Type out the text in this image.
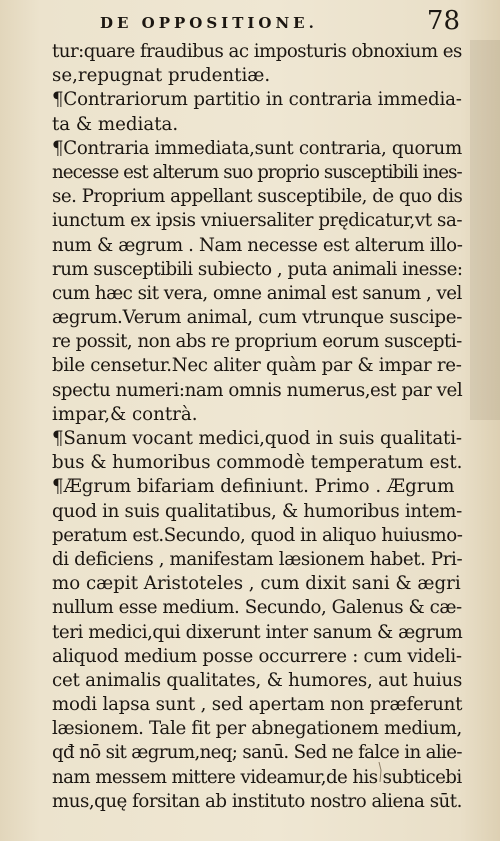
DE OPPOSITIONE.	78
tur:quare fraudibus ac imposturis obnoxium es
se,repugnat prudentiæ.
¶Contrariorum partitio in contraria immedia-
ta & mediata.
¶Contraria immediata,sunt contraria, quorum
necesse est alterum suo proprio susceptibili ines-
se. Proprium appellant susceptibile, de quo dis
iunctum ex ipsis vniuersaliter prędicatur,vt sa-
num & ægrum . Nam necesse est alterum illo-
rum susceptibili subiecto , puta animali inesse:
cum hæc sit vera, omne animal est sanum , vel
ægrum.Verum animal, cum vtrunque suscipe-
re possit, non abs re proprium eorum suscepti-
bile censetur.Nec aliter quàm par & impar re-
spectu numeri:nam omnis numerus,est par vel
impar,& contrà.
¶Sanum vocant medici,quod in suis qualitati-
bus & humoribus commodè temperatum est.
¶Ægrum bifariam definiunt. Primo . Ægrum
quod in suis qualitatibus, & humoribus intem-
peratum est.Secundo, quod in aliquo huiusmo-
di deficiens , manifestam læsionem habet. Pri-
mo cæpit Aristoteles , cum dixit sani & ægri
nullum esse medium. Secundo, Galenus & cæ-
teri medici,qui dixerunt inter sanum & ægrum
aliquod medium posse occurrere : cum videli-
cet animalis qualitates, & humores, aut huius
modi lapsa sunt , sed apertam non præferunt
læsionem. Tale fit per abnegationem medium,
qđ nō sit ægrum,neq; sanū. Sed ne falce in alie-
nam messem mittere videamur,de his subticebi
mus,quę forsitan ab instituto nostro aliena sūt.
